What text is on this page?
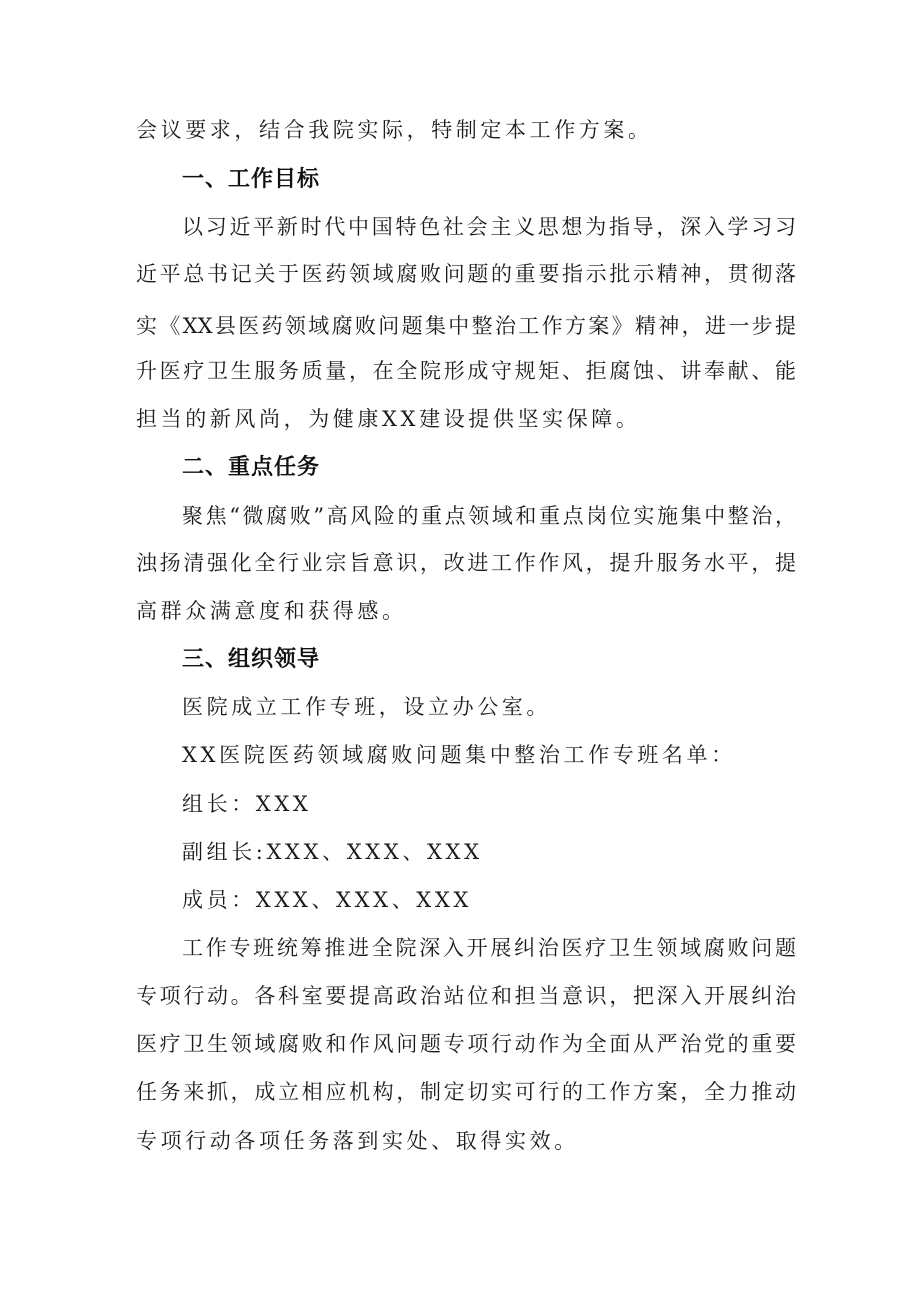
会议要求，结合我院实际，特制定本工作方案。
一、工作目标
以习近平新时代中国特色社会主义思想为指导，深入学习习
近平总书记关于医药领域腐败问题的重要指示批示精神，贯彻落
实《XX县医药领域腐败问题集中整治工作方案》精神，进一步提
升医疗卫生服务质量，在全院形成守规矩、拒腐蚀、讲奉献、能
担当的新风尚，为健康XX建设提供坚实保障。
二、重点任务
聚焦“微腐败”高风险的重点领域和重点岗位实施集中整治，
浊扬清强化全行业宗旨意识，改进工作作风，提升服务水平，提
高群众满意度和获得感。
三、组织领导
医院成立工作专班，设立办公室。
XX医院医药领域腐败问题集中整治工作专班名单：
组长：XXX
副组长:XXX、XXX、XXX
成员：XXX、XXX、XXX
工作专班统筹推进全院深入开展纠治医疗卫生领域腐败问题
专项行动。各科室要提高政治站位和担当意识，把深入开展纠治
医疗卫生领域腐败和作风问题专项行动作为全面从严治党的重要
任务来抓，成立相应机构，制定切实可行的工作方案，全力推动
专项行动各项任务落到实处、取得实效。
